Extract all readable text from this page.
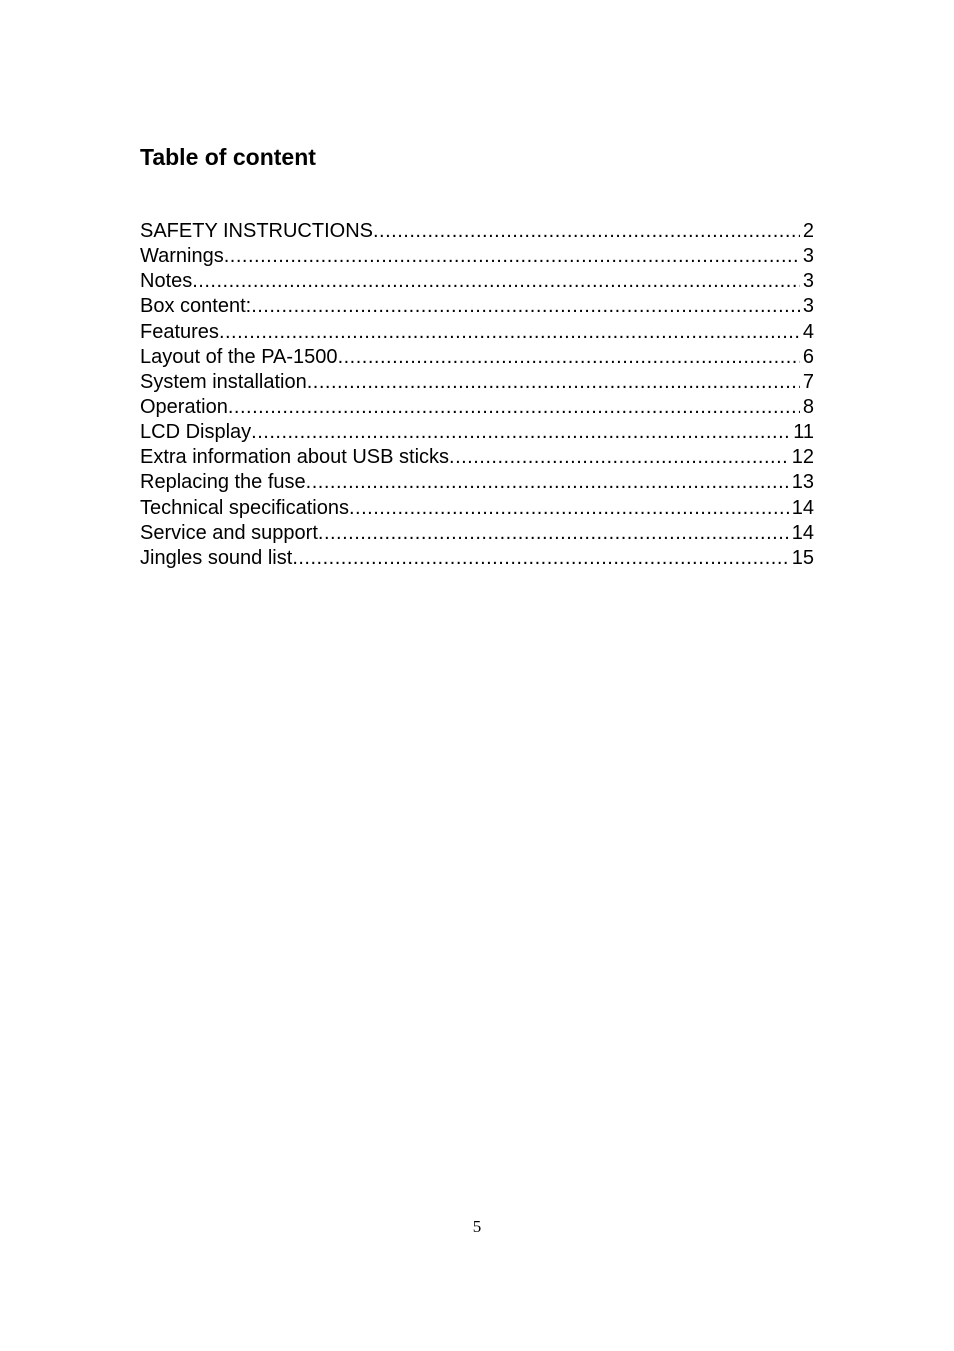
Table of content
SAFETY INSTRUCTIONS .....	2
Warnings .....	3
Notes .....	3
Box content: .....	3
Features .....	4
Layout of the PA-1500 .....	6
System installation .....	7
Operation .....	8
LCD Display .....	11
Extra information about USB sticks .....	12
Replacing the fuse .....	13
Technical specifications .....	14
Service and support .....	14
Jingles sound list .....	15
5
